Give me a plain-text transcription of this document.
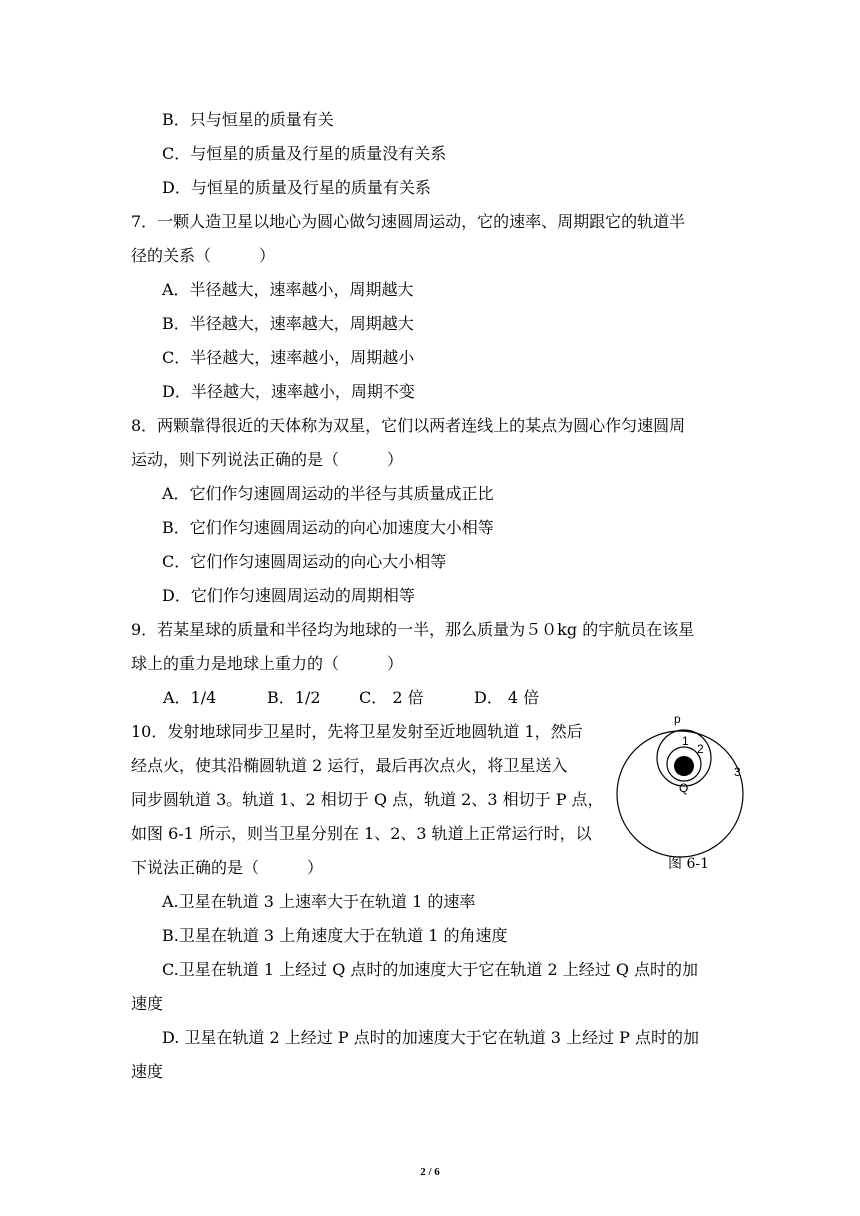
B．只与恒星的质量有关
C．与恒星的质量及行星的质量没有关系
D．与恒星的质量及行星的质量有关系
7．一颗人造卫星以地心为圆心做匀速圆周运动，它的速率、周期跟它的轨道半
径的关系（　　　）
A．半径越大，速率越小，周期越大
B．半径越大，速率越大，周期越大
C．半径越大，速率越小，周期越小
D．半径越大，速率越小，周期不变
8．两颗靠得很近的天体称为双星，它们以两者连线上的某点为圆心作匀速圆周
运动，则下列说法正确的是（　　　）
A．它们作匀速圆周运动的半径与其质量成正比
B．它们作匀速圆周运动的向心加速度大小相等
C．它们作匀速圆周运动的向心大小相等
D．它们作匀速圆周运动的周期相等
9．若某星球的质量和半径均为地球的一半，那么质量为５０kg 的宇航员在该星
球上的重力是地球上重力的（　　　）
A．1/4	B．1/2 C． 2 倍	D． 4 倍
10．发射地球同步卫星时，先将卫星发射至近地圆轨道 1，然后
经点火，使其沿椭圆轨道 2 运行，最后再次点火，将卫星送入
同步圆轨道 3。轨道 1、2 相切于 Q 点，轨道 2、3 相切于 P 点，
如图 6-1 所示，则当卫星分别在 1、2、3 轨道上正常运行时，以
下说法正确的是（　　　）
A.卫星在轨道 3 上速率大于在轨道 1 的速率
B.卫星在轨道 3 上角速度大于在轨道 1 的角速度
C.卫星在轨道 1 上经过 Q 点时的加速度大于它在轨道 2 上经过 Q 点时的加
速度
D. 卫星在轨道 2 上经过 P 点时的加速度大于它在轨道 3 上经过 P 点时的加
速度
p
1
2
3
Q
图 6-1
2 / 6
